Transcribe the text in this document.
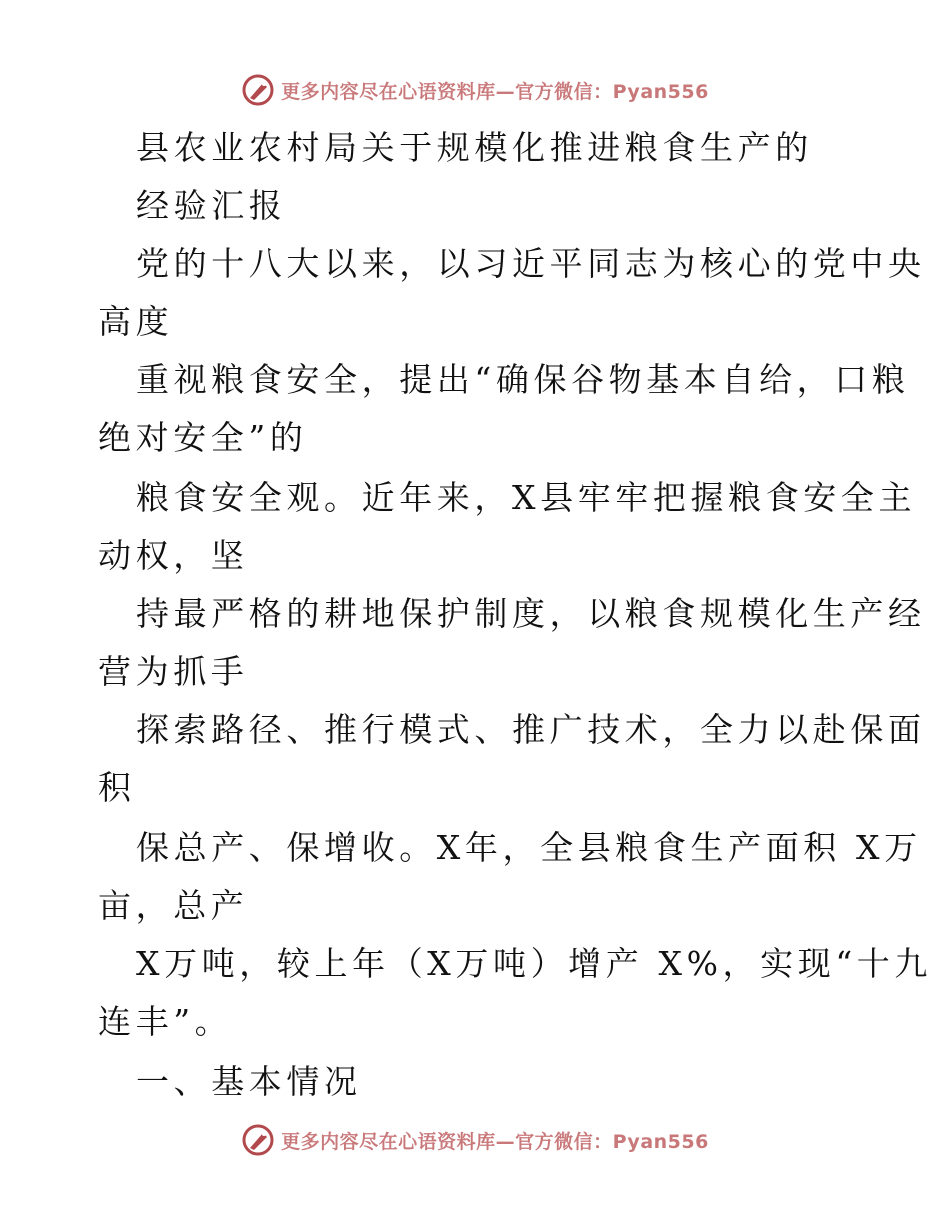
更多内容尽在心语资料库—官方微信：Pyan556
县农业农村局关于规模化推进粮食生产的
经验汇报
党的十八大以来，以习近平同志为核心的党中央
高度
重视粮食安全，提出“确保谷物基本自给，口粮
绝对安全”的
粮食安全观。近年来，X县牢牢把握粮食安全主
动权，坚
持最严格的耕地保护制度，以粮食规模化生产经
营为抓手
探索路径、推行模式、推广技术，全力以赴保面
积
保总产、保增收。X年，全县粮食生产面积 X万
亩，总产
X万吨，较上年（X万吨）增产 X%，实现“十九
连丰”。
一、基本情况
更多内容尽在心语资料库—官方微信：Pyan556
